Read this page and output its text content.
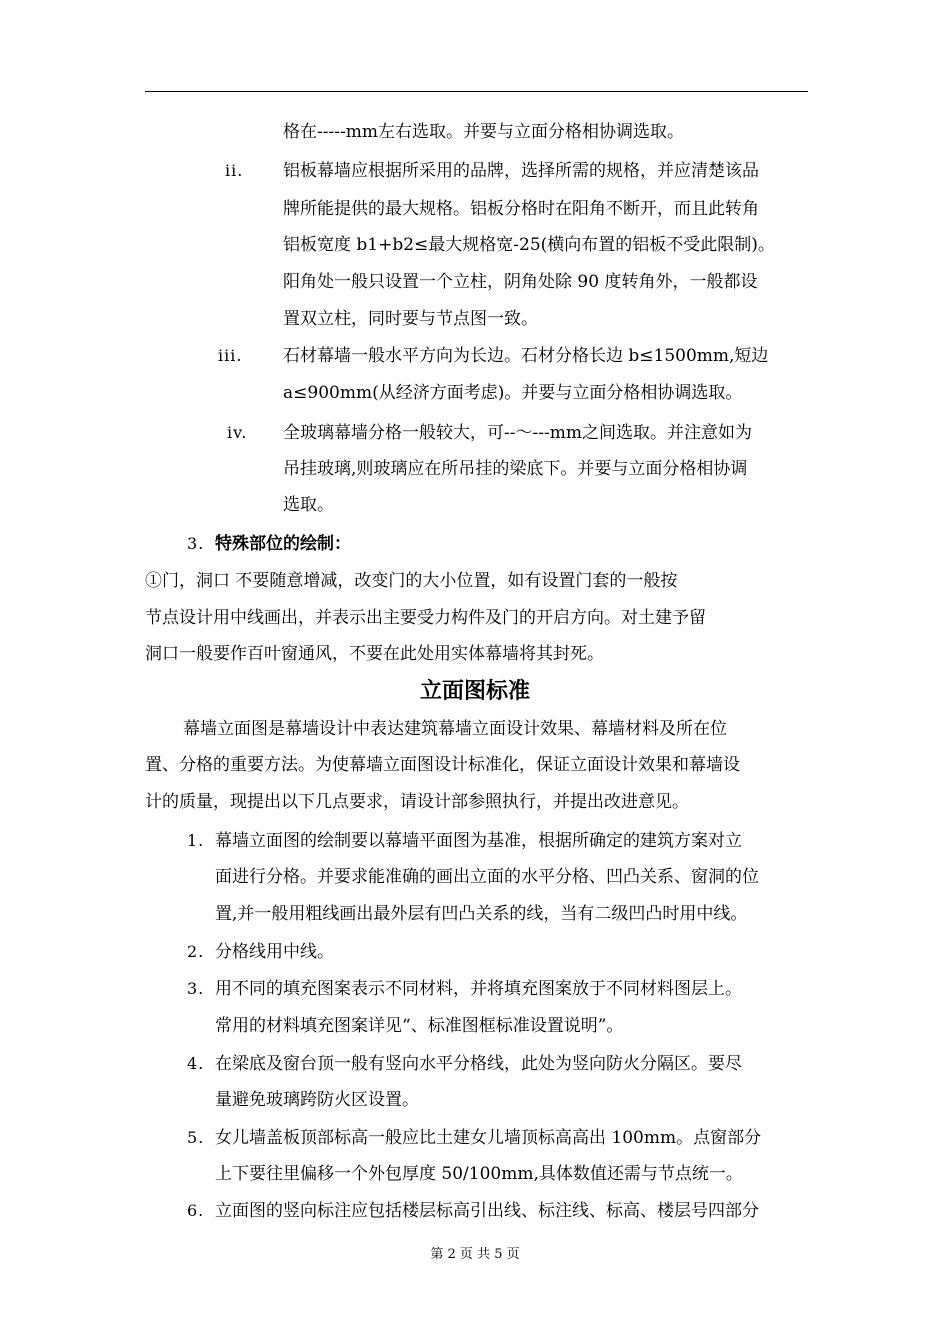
格在-----mm左右选取。并要与立面分格相协调选取。
ii. 铝板幕墙应根据所采用的品牌，选择所需的规格，并应清楚该品
牌所能提供的最大规格。铝板分格时在阳角不断开，而且此转角
铝板宽度 b1+b2≤最大规格宽-25(横向布置的铝板不受此限制)。
阳角处一般只设置一个立柱，阴角处除 90 度转角外，一般都设
置双立柱，同时要与节点图一致。
iii. 石材幕墙一般水平方向为长边。石材分格长边 b≤1500mm,短边
a≤900mm(从经济方面考虑)。并要与立面分格相协调选取。
iv. 全玻璃幕墙分格一般较大，可--～---mm之间选取。并注意如为
吊挂玻璃,则玻璃应在所吊挂的梁底下。并要与立面分格相协调
选取。
3. 特殊部位的绘制：
①门，洞口 不要随意增减，改变门的大小位置，如有设置门套的一般按
节点设计用中线画出，并表示出主要受力构件及门的开启方向。对土建予留
洞口一般要作百叶窗通风，不要在此处用实体幕墙将其封死。
立面图标准
幕墙立面图是幕墙设计中表达建筑幕墙立面设计效果、幕墙材料及所在位
置、分格的重要方法。为使幕墙立面图设计标准化，保证立面设计效果和幕墙设
计的质量，现提出以下几点要求，请设计部参照执行，并提出改进意见。
1. 幕墙立面图的绘制要以幕墙平面图为基准，根据所确定的建筑方案对立
面进行分格。并要求能准确的画出立面的水平分格、凹凸关系、窗洞的位
置,并一般用粗线画出最外层有凹凸关系的线，当有二级凹凸时用中线。
2. 分格线用中线。
3. 用不同的填充图案表示不同材料，并将填充图案放于不同材料图层上。
常用的材料填充图案详见“、标准图框标准设置说明”。
4. 在梁底及窗台顶一般有竖向水平分格线，此处为竖向防火分隔区。要尽
量避免玻璃跨防火区设置。
5. 女儿墙盖板顶部标高一般应比土建女儿墙顶标高高出 100mm。点窗部分
上下要往里偏移一个外包厚度 50/100mm,具体数值还需与节点统一。
6. 立面图的竖向标注应包括楼层标高引出线、标注线、标高、楼层号四部分
第 2 页 共 5 页
